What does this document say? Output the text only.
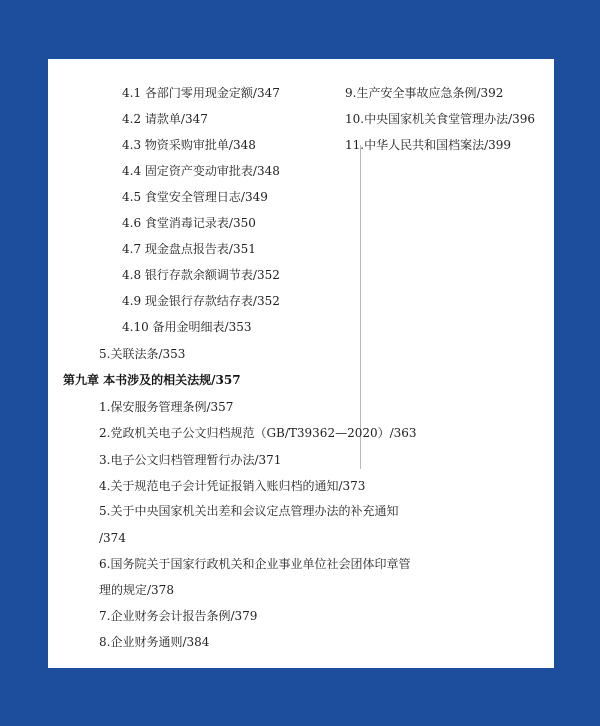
4.1 各部门零用现金定额/347
4.2 请款单/347
4.3 物资采购审批单/348
4.4 固定资产变动审批表/348
4.5 食堂安全管理日志/349
4.6 食堂消毒记录表/350
4.7 现金盘点报告表/351
4.8 银行存款余额调节表/352
4.9 现金银行存款结存表/352
4.10 备用金明细表/353
5.关联法条/353
第九章 本书涉及的相关法规/357
1.保安服务管理条例/357
2.党政机关电子公文归档规范（GB/T39362—2020）/363
3.电子公文归档管理暂行办法/371
4.关于规范电子会计凭证报销入账归档的通知/373
5.关于中央国家机关出差和会议定点管理办法的补充通知
/374
6.国务院关于国家行政机关和企业事业单位社会团体印章管
理的规定/378
7.企业财务会计报告条例/379
8.企业财务通则/384
9.生产安全事故应急条例/392
10.中央国家机关食堂管理办法/396
11.中华人民共和国档案法/399
